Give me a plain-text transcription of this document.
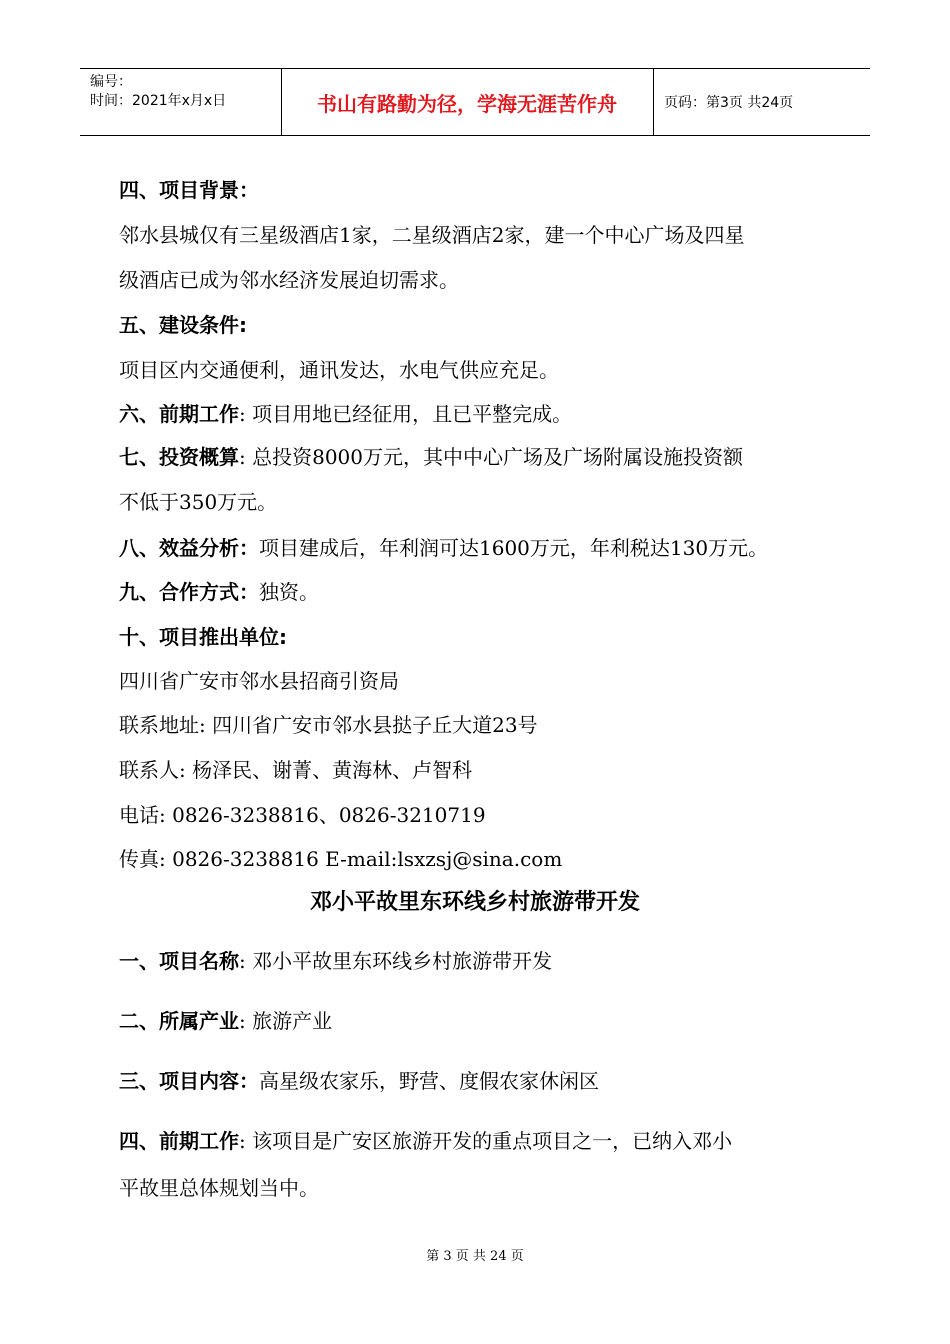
编号：
时间：2021年x月x日	书山有路勤为径，学海无涯苦作舟	页码：第3页 共24页
四、项目背景：
邻水县城仅有三星级酒店1家，二星级酒店2家，建一个中心广场及四星
级酒店已成为邻水经济发展迫切需求。
五、建设条件:
项目区内交通便利，通讯发达，水电气供应充足。
六、前期工作: 项目用地已经征用，且已平整完成。
七、投资概算: 总投资8000万元，其中中心广场及广场附属设施投资额
不低于350万元。
八、效益分析：项目建成后，年利润可达1600万元，年利税达130万元。
九、合作方式：独资。
十、项目推出单位:
四川省广安市邻水县招商引资局
联系地址: 四川省广安市邻水县挞子丘大道23号
联系人: 杨泽民、谢菁、黄海林、卢智科
电话: 0826-3238816、0826-3210719
传真: 0826-3238816 E-mail:lsxzsj@sina.com
邓小平故里东环线乡村旅游带开发
一、项目名称: 邓小平故里东环线乡村旅游带开发
二、所属产业: 旅游产业
三、项目内容：高星级农家乐，野营、度假农家休闲区
四、前期工作: 该项目是广安区旅游开发的重点项目之一，已纳入邓小
平故里总体规划当中。
第 3 页 共 24 页
